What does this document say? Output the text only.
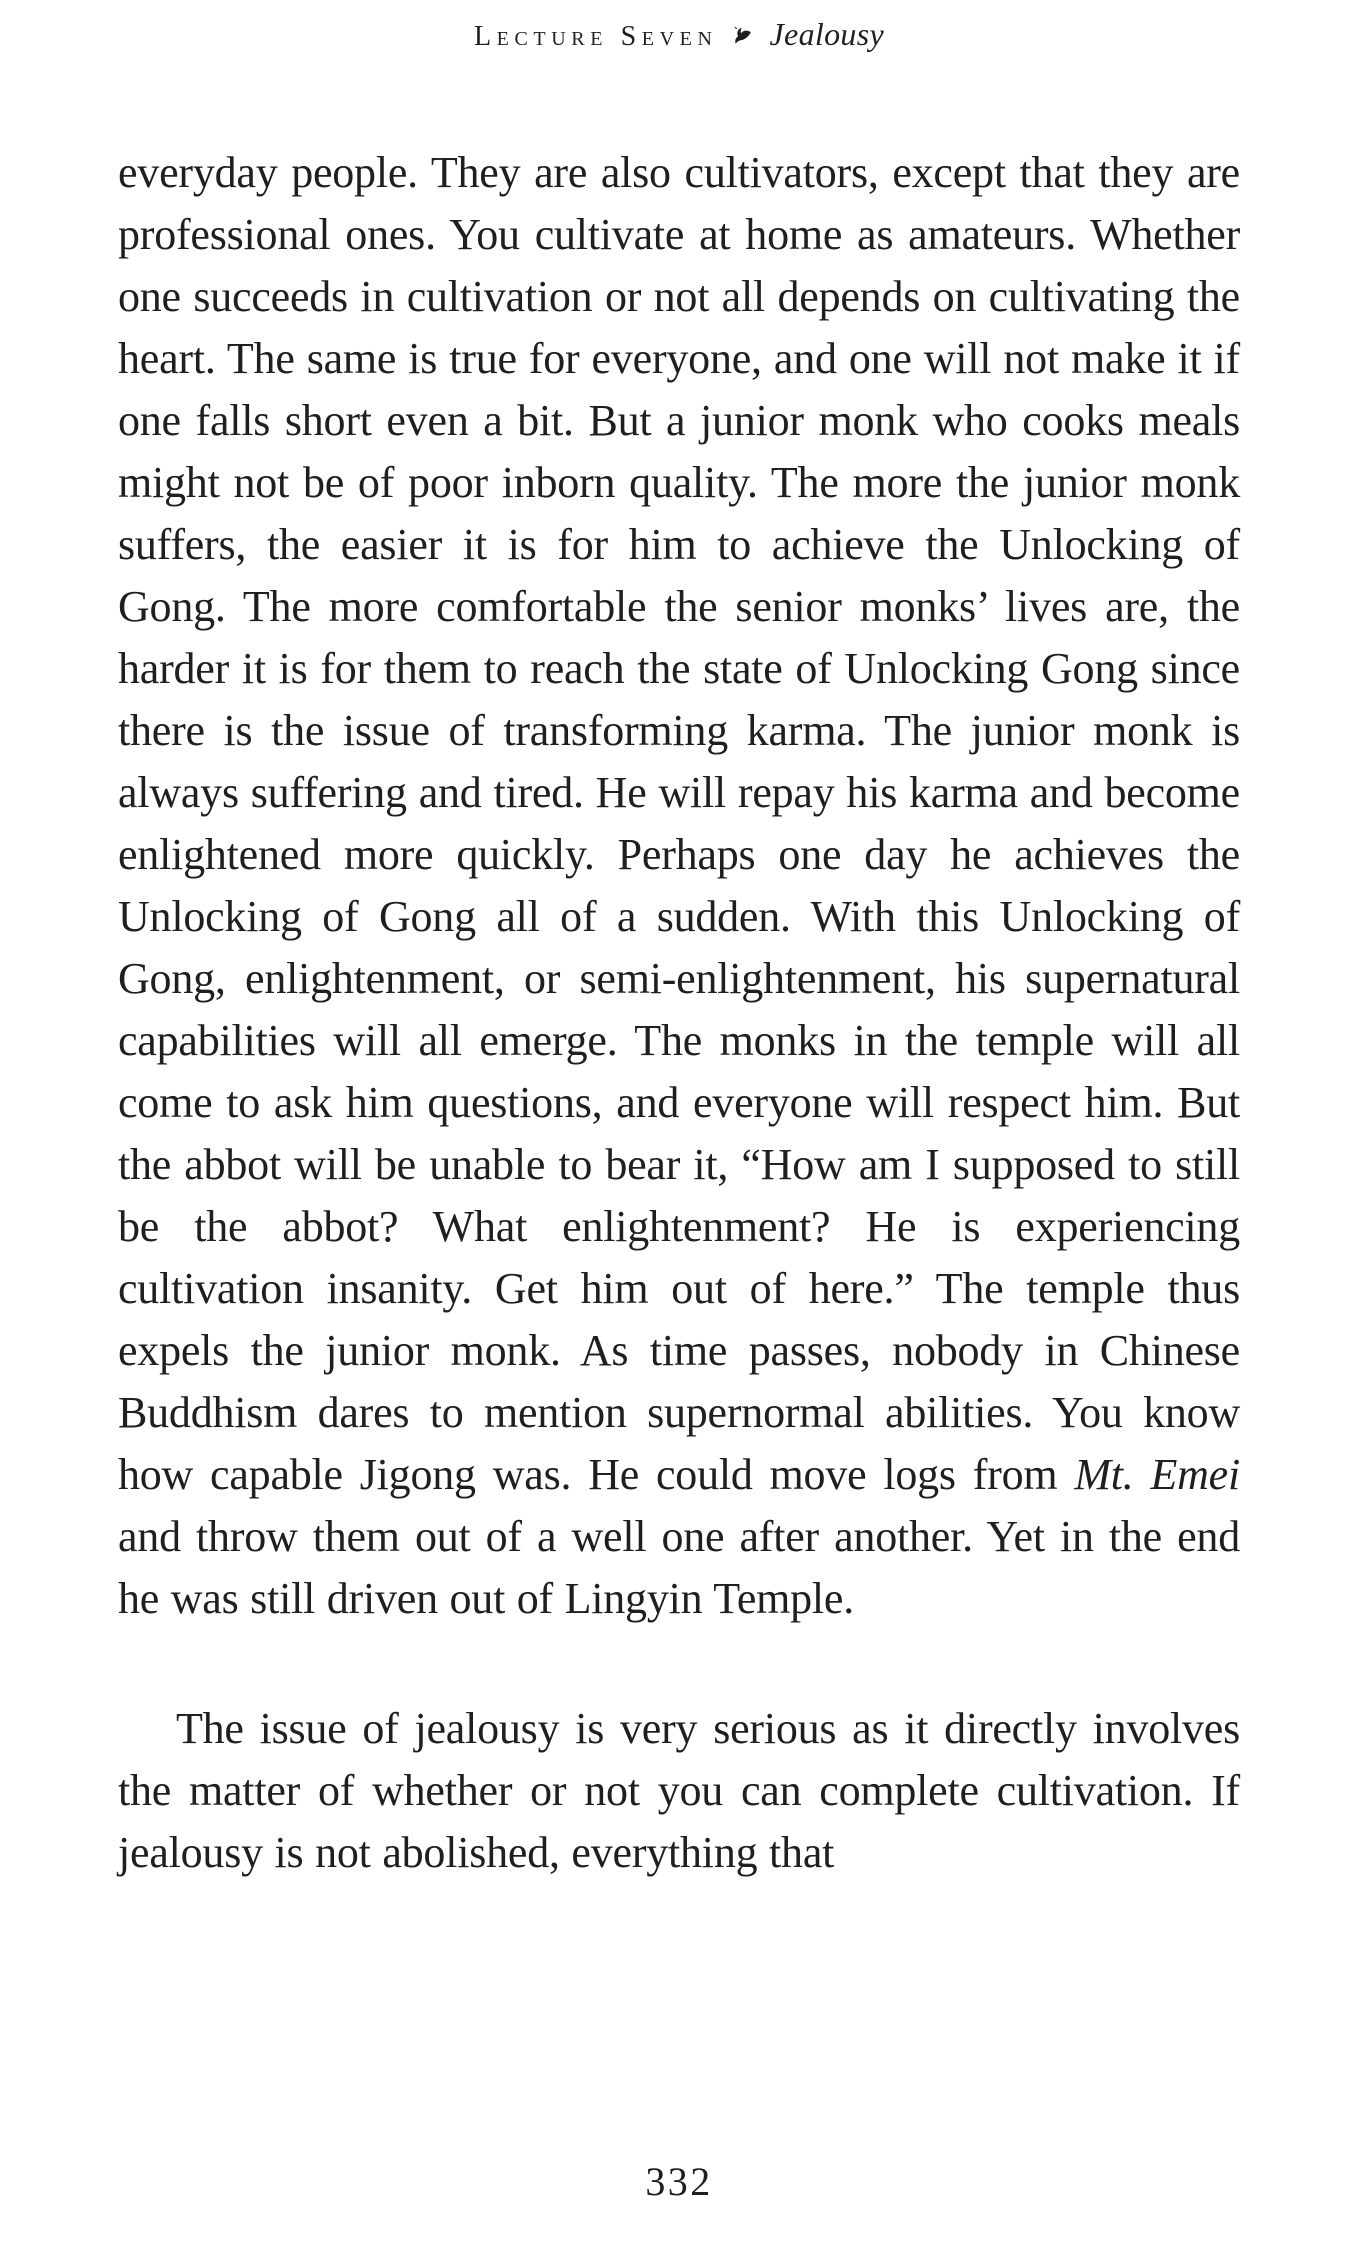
Lecture Seven Jealousy

everyday people. They are also cultivators, except that they are professional ones. You cultivate at home as amateurs. Whether one succeeds in cultivation or not all depends on cultivating the heart. The same is true for everyone, and one will not make it if one falls short even a bit. But a junior monk who cooks meals might not be of poor inborn quality. The more the junior monk suffers, the easier it is for him to achieve the Unlocking of Gong. The more comfortable the senior monks’ lives are, the harder it is for them to reach the state of Unlocking Gong since there is the issue of transforming karma. The junior monk is always suffering and tired. He will repay his karma and become enlightened more quickly. Perhaps one day he achieves the Unlocking of Gong all of a sudden. With this Unlocking of Gong, enlightenment, or semi-enlightenment, his supernatural capabilities will all emerge. The monks in the temple will all come to ask him questions, and everyone will respect him. But the abbot will be unable to bear it, “How am I supposed to still be the abbot? What enlightenment? He is experiencing cultivation insanity. Get him out of here.” The temple thus expels the junior monk. As time passes, nobody in Chinese Buddhism dares to mention supernormal abilities. You know how capable Jigong was. He could move logs from Mt. Emei and throw them out of a well one after another. Yet in the end he was still driven out of Lingyin Temple.

The issue of jealousy is very serious as it directly involves the matter of whether or not you can complete cultivation. If jealousy is not abolished, everything that

332
